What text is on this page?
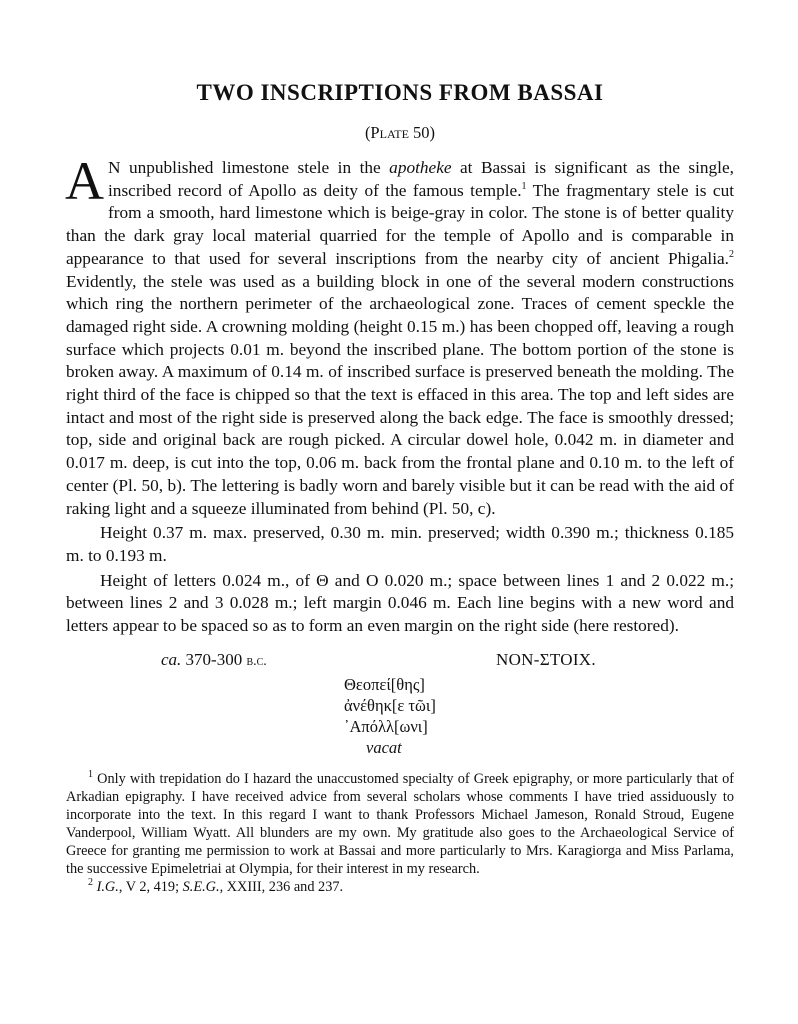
TWO INSCRIPTIONS FROM BASSAI
(Plate 50)

A N unpublished limestone stele in the apotheke at Bassai is significant as the single, inscribed record of Apollo as deity of the famous temple.$^1$ The fragmentary stele is cut from a smooth, hard limestone which is beige-gray in color. The stone is of better quality than the dark gray local material quarried for the temple of Apollo and is comparable in appearance to that used for several inscriptions from the nearby city of ancient Phigalia.$^2$ Evidently, the stele was used as a building block in one of the several modern constructions which ring the northern perimeter of the archaeological zone. Traces of cement speckle the damaged right side. A crowning molding (height 0.15 m.) has been chopped off, leaving a rough surface which projects 0.01 m. beyond the inscribed plane. The bottom portion of the stone is broken away. A maximum of 0.14 m. of inscribed surface is preserved beneath the molding. The right third of the face is chipped so that the text is effaced in this area. The top and left sides are intact and most of the right side is preserved along the back edge. The face is smoothly dressed; top, side and original back are rough picked. A circular dowel hole, 0.042 m. in diameter and 0.017 m. deep, is cut into the top, 0.06 m. back from the frontal plane and 0.10 m. to the left of center (Pl. 50, b). The lettering is badly worn and barely visible but it can be read with the aid of raking light and a squeeze illuminated from behind (Pl. 50, c).

Height 0.37 m. max. preserved, 0.30 m. min. preserved; width 0.390 m.; thickness 0.185 m. to 0.193 m.

Height of letters 0.024 m., of Θ and O 0.020 m.; space between lines 1 and 2 0.022 m.; between lines 2 and 3 0.028 m.; left margin 0.046 m. Each line begins with a new word and letters appear to be spaced so as to form an even margin on the right side (here restored).

ca. 370-300 b.c.	NON-ΣTOIX.
Θεοπεί[θης]
ἀνέθηκ[ε τῶι]
᾿Απόλλ[ωνι]
vacat

$^1$ Only with trepidation do I hazard the unaccustomed specialty of Greek epigraphy, or more particularly that of Arkadian epigraphy. I have received advice from several scholars whose comments I have tried assiduously to incorporate into the text. In this regard I want to thank Professors Michael Jameson, Ronald Stroud, Eugene Vanderpool, William Wyatt. All blunders are my own. My gratitude also goes to the Archaeological Service of Greece for granting me permission to work at Bassai and more particularly to Mrs. Karagiorga and Miss Parlama, the successive Epimeletriai at Olympia, for their interest in my research.

$^2$ I.G., V 2, 419; S.E.G., XXIII, 236 and 237.
